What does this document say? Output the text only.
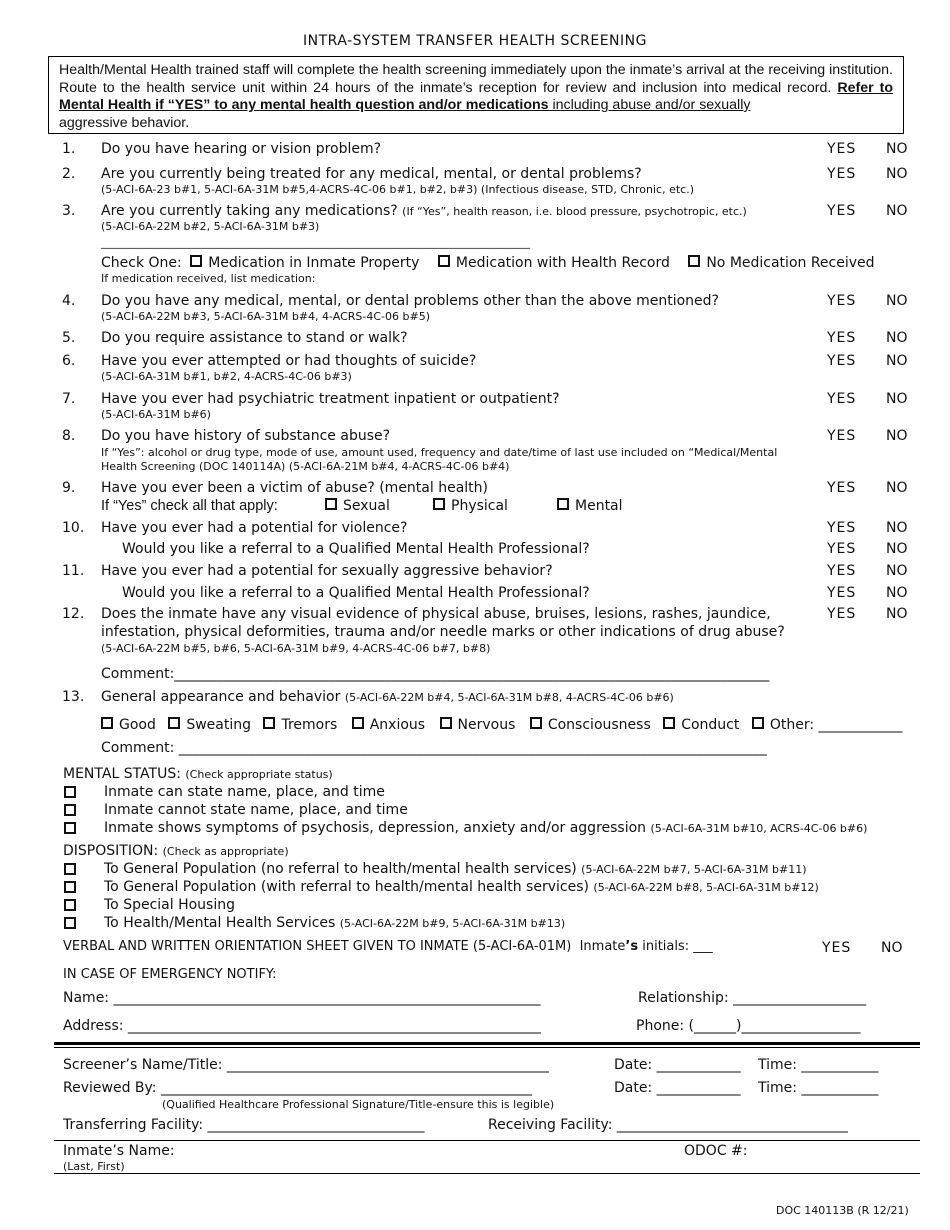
INTRA-SYSTEM TRANSFER HEALTH SCREENING
Health/Mental Health trained staff will complete the health screening immediately upon the inmate’s arrival at the receiving institution. Route to the health service unit within 24 hours of the inmate’s reception for review and inclusion into medical record. Refer to Mental Health if “YES” to any mental health question and/or medications including abuse and/or sexually
aggressive behavior.
1. Do you have hearing or vision problem?	YES NO
2. Are you currently being treated for any medical, mental, or dental problems?
(5-ACI-6A-23 b#1, 5-ACI-6A-31M b#5,4-ACRS-4C-06 b#1, b#2, b#3) (Infectious disease, STD, Chronic, etc.)
YES NO
3. Are you currently taking any medications? (If “Yes”, health reason, i.e. blood pressure, psychotropic, etc.)
(5-ACI-6A-22M b#2, 5-ACI-6A-31M b#3)
______________________________________________________________________________
YES NO
Check One: Medication in Inmate Property	Medication with Health Record	No Medication Received
If medication received, list medication:
4. Do you have any medical, mental, or dental problems other than the above mentioned?
(5-ACI-6A-22M b#3, 5-ACI-6A-31M b#4, 4-ACRS-4C-06 b#5)
YES NO
5. Do you require assistance to stand or walk?	YES NO
6. Have you ever attempted or had thoughts of suicide?
(5-ACI-6A-31M b#1, b#2, 4-ACRS-4C-06 b#3)
YES NO
7. Have you ever had psychiatric treatment inpatient or outpatient?
(5-ACI-6A-31M b#6)
YES NO
8. Do you have history of substance abuse?
If “Yes”: alcohol or drug type, mode of use, amount used, frequency and date/time of last use included on “Medical/Mental
Health Screening (DOC 140114A) (5-ACI-6A-21M b#4, 4-ACRS-4C-06 b#4)
YES NO
9. Have you ever been a victim of abuse? (mental health)	YES NO
If “Yes” check all that apply:	Sexual	Physical	Mental
10. Have you ever had a potential for violence?	YES NO
Would you like a referral to a Qualified Mental Health Professional?	YES NO
11. Have you ever had a potential for sexually aggressive behavior?	YES NO
Would you like a referral to a Qualified Mental Health Professional?	YES NO
12. Does the inmate have any visual evidence of physical abuse, bruises, lesions, rashes, jaundice,
infestation, physical deformities, trauma and/or needle marks or other indications of drug abuse?
(5-ACI-6A-22M b#5, b#6, 5-ACI-6A-31M b#9, 4-ACRS-4C-06 b#7, b#8)
YES NO
Comment:_____________________________________________________________________________________
13. General appearance and behavior (5-ACI-6A-22M b#4, 5-ACI-6A-31M b#8, 4-ACRS-4C-06 b#6)
Good Sweating Tremors Anxious Nervous Consciousness Conduct Other: ____________
Comment: ____________________________________________________________________________________
MENTAL STATUS: (Check appropriate status)
Inmate can state name, place, and time
Inmate cannot state name, place, and time
Inmate shows symptoms of psychosis, depression, anxiety and/or aggression (5-ACI-6A-31M b#10, ACRS-4C-06 b#6)
DISPOSITION: (Check as appropriate)
To General Population (no referral to health/mental health services) (5-ACI-6A-22M b#7, 5-ACI-6A-31M b#11)
To General Population (with referral to health/mental health services) (5-ACI-6A-22M b#8, 5-ACI-6A-31M b#12)
To Special Housing
To Health/Mental Health Services (5-ACI-6A-22M b#9, 5-ACI-6A-31M b#13)
VERBAL AND WRITTEN ORIENTATION SHEET GIVEN TO INMATE (5-ACI-6A-01M) Inmate’s initials: ___	YES NO
IN CASE OF EMERGENCY NOTIFY:
Name: _____________________________________________________________	Relationship: ___________________
Address: ___________________________________________________________	Phone: (______)_________________
Screener’s Name/Title: ______________________________________________	Date: ____________ Time: ___________
Reviewed By: _____________________________________________________	Date: ____________ Time: ___________
(Qualified Healthcare Professional Signature/Title-ensure this is legible)
Transferring Facility: _______________________________	Receiving Facility: _________________________________
Inmate’s Name:
(Last, First)
ODOC #:
DOC 140113B (R 12/21)
